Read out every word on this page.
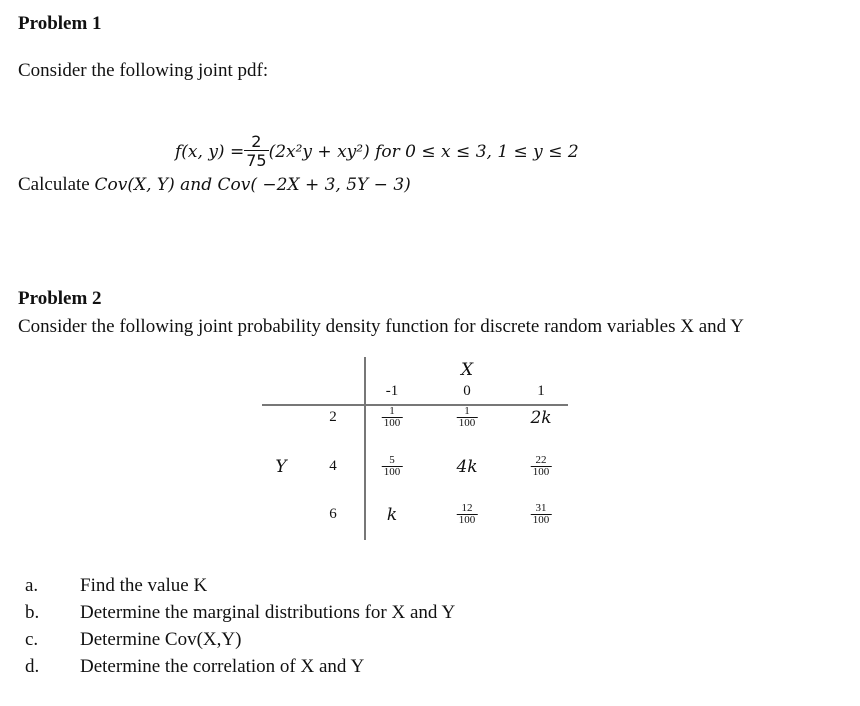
Problem 1
Consider the following joint pdf:
f(x, $y) = \frac{2}{75} (2x^2y + xy^2)$ for 0 ≤ x ≤ 3, 1 ≤ y ≤ 2
Calculate Cov(X, Y) and Cov( −2X + 3, 5Y − 3)
Problem 2
Consider the following joint probability density function for discrete random variables X and Y
X
-1	0	1
Y
2	$\frac{1}{100}$	$\frac{1}{100}$	2k
4	$\frac{5}{100}$	4k	$\frac{22}{100}$
6	k	$\frac{12}{100}$	$\frac{31}{100}$
a. Find the value K
b. Determine the marginal distributions for X and Y
c. Determine Cov(X,Y)
d. Determine the correlation of X and Y
